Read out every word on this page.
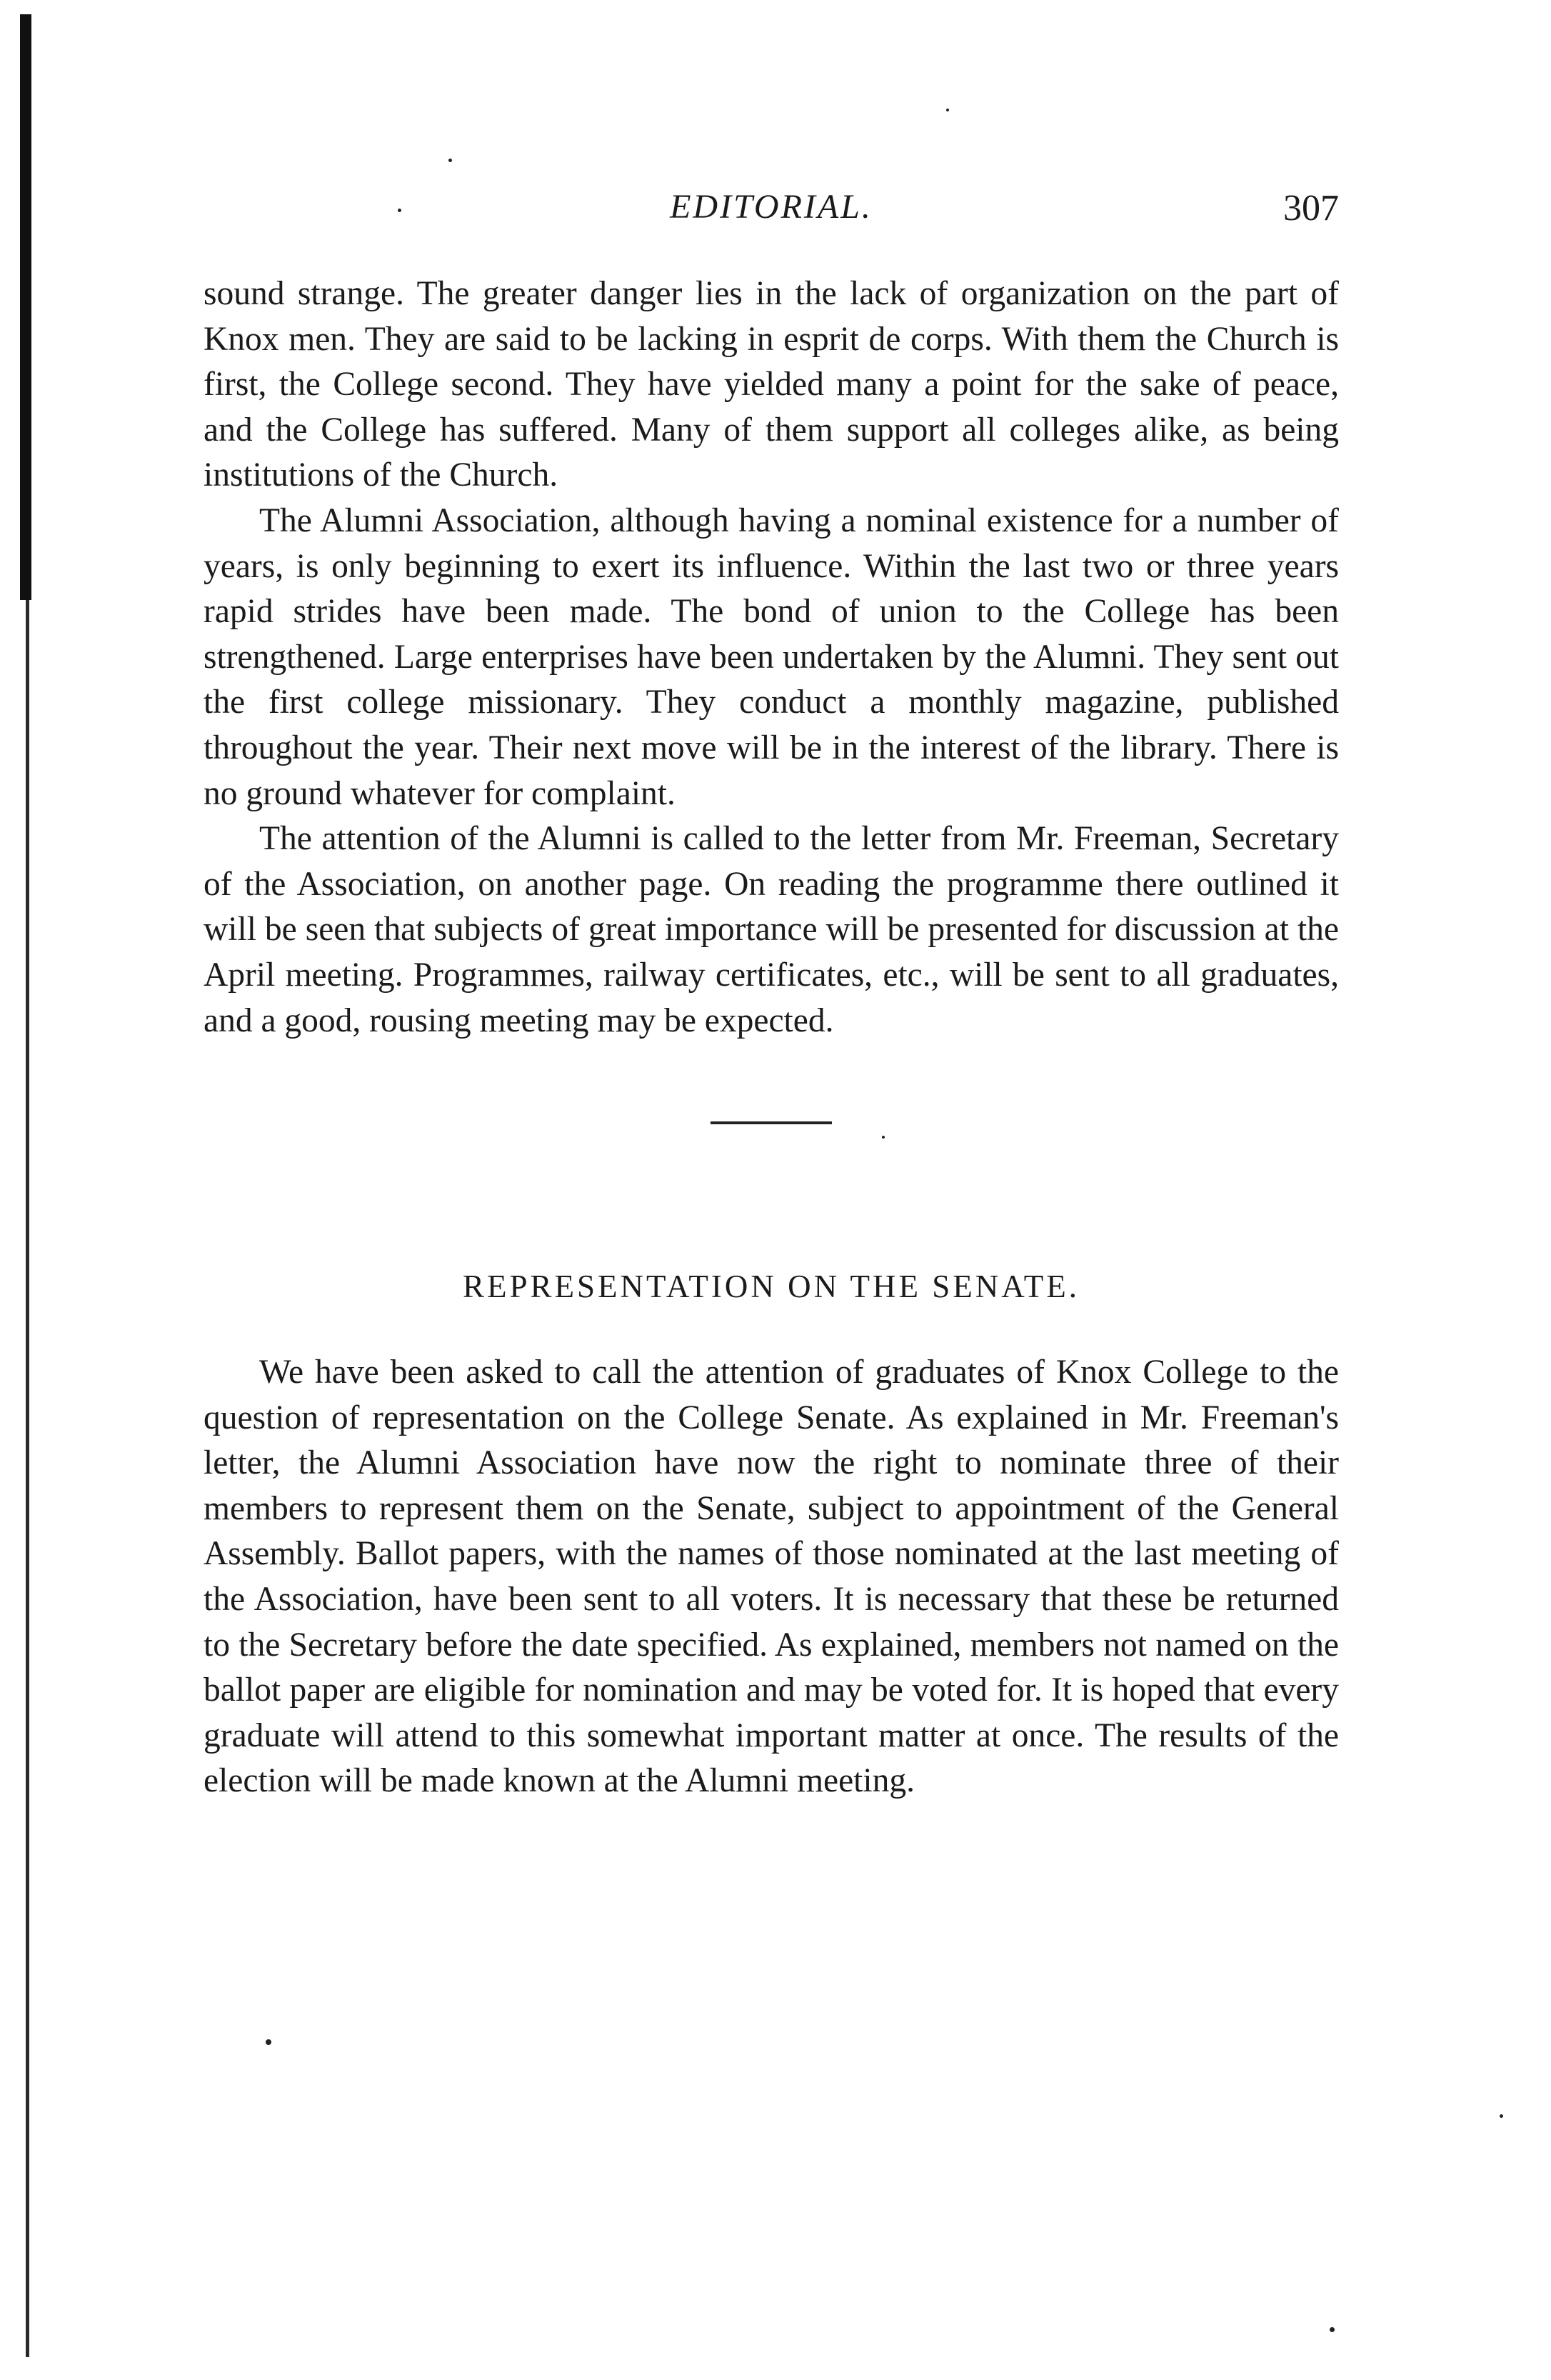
EDITORIAL.	307

sound strange. The greater danger lies in the lack of organization on the part of Knox men. They are said to be lacking in esprit de corps. With them the Church is first, the College second. They have yielded many a point for the sake of peace, and the College has suffered. Many of them support all colleges alike, as being institutions of the Church.

The Alumni Association, although having a nominal existence for a number of years, is only beginning to exert its influence. Within the last two or three years rapid strides have been made. The bond of union to the College has been strengthened. Large enterprises have been undertaken by the Alumni. They sent out the first college missionary. They conduct a monthly magazine, published throughout the year. Their next move will be in the interest of the library. There is no ground whatever for complaint.

The attention of the Alumni is called to the letter from Mr. Freeman, Secretary of the Association, on another page. On reading the programme there outlined it will be seen that subjects of great importance will be presented for discussion at the April meeting. Programmes, railway certificates, etc., will be sent to all graduates, and a good, rousing meeting may be expected.

REPRESENTATION ON THE SENATE.

We have been asked to call the attention of graduates of Knox College to the question of representation on the College Senate. As explained in Mr. Freeman's letter, the Alumni Association have now the right to nominate three of their members to represent them on the Senate, subject to appointment of the General Assembly. Ballot papers, with the names of those nominated at the last meeting of the Association, have been sent to all voters. It is necessary that these be returned to the Secretary before the date specified. As explained, members not named on the ballot paper are eligible for nomination and may be voted for. It is hoped that every graduate will attend to this somewhat important matter at once. The results of the election will be made known at the Alumni meeting.
